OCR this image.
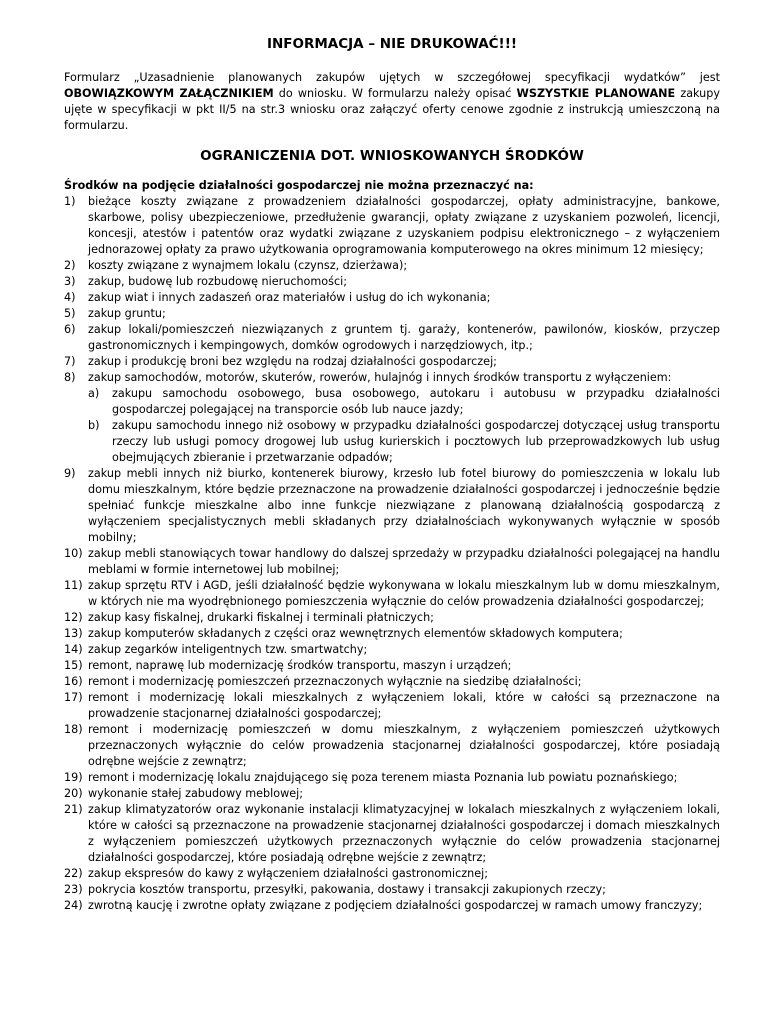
INFORMACJA – NIE DRUKOWAĆ!!!

Formularz „Uzasadnienie planowanych zakupów ujętych w szczegółowej specyfikacji wydatków” jest OBOWIĄZKOWYM ZAŁĄCZNIKIEM do wniosku. W formularzu należy opisać WSZYSTKIE PLANOWANE zakupy ujęte w specyfikacji w pkt II/5 na str.3 wniosku oraz załączyć oferty cenowe zgodnie z instrukcją umieszczoną na formularzu.

OGRANICZENIA DOT. WNIOSKOWANYCH ŚRODKÓW

Środków na podjęcie działalności gospodarczej nie można przeznaczyć na:

1) bieżące koszty związane z prowadzeniem działalności gospodarczej, opłaty administracyjne, bankowe, skarbowe, polisy ubezpieczeniowe, przedłużenie gwarancji, opłaty związane z uzyskaniem pozwoleń, licencji, koncesji, atestów i patentów oraz wydatki związane z uzyskaniem podpisu elektronicznego – z wyłączeniem jednorazowej opłaty za prawo użytkowania oprogramowania komputerowego na okres minimum 12 miesięcy;
2) koszty związane z wynajmem lokalu (czynsz, dzierżawa);
3) zakup, budowę lub rozbudowę nieruchomości;
4) zakup wiat i innych zadaszeń oraz materiałów i usług do ich wykonania;
5) zakup gruntu;
6) zakup lokali/pomieszczeń niezwiązanych z gruntem tj. garaży, kontenerów, pawilonów, kiosków, przyczep gastronomicznych i kempingowych, domków ogrodowych i narzędziowych, itp.;
7) zakup i produkcję broni bez względu na rodzaj działalności gospodarczej;
8) zakup samochodów, motorów, skuterów, rowerów, hulajnóg i innych środków transportu z wyłączeniem:
a) zakupu samochodu osobowego, busa osobowego, autokaru i autobusu w przypadku działalności gospodarczej polegającej na transporcie osób lub nauce jazdy;
b) zakupu samochodu innego niż osobowy w przypadku działalności gospodarczej dotyczącej usług transportu rzeczy lub usługi pomocy drogowej lub usług kurierskich i pocztowych lub przeprowadzkowych lub usług obejmujących zbieranie i przetwarzanie odpadów;
9) zakup mebli innych niż biurko, kontenerek biurowy, krzesło lub fotel biurowy do pomieszczenia w lokalu lub domu mieszkalnym, które będzie przeznaczone na prowadzenie działalności gospodarczej i jednocześnie będzie spełniać funkcje mieszkalne albo inne funkcje niezwiązane z planowaną działalnością gospodarczą z wyłączeniem specjalistycznych mebli składanych przy działalnościach wykonywanych wyłącznie w sposób mobilny;
10) zakup mebli stanowiących towar handlowy do dalszej sprzedaży w przypadku działalności polegającej na handlu meblami w formie internetowej lub mobilnej;
11) zakup sprzętu RTV i AGD, jeśli działalność będzie wykonywana w lokalu mieszkalnym lub w domu mieszkalnym, w których nie ma wyodrębnionego pomieszczenia wyłącznie do celów prowadzenia działalności gospodarczej;
12) zakup kasy fiskalnej, drukarki fiskalnej i terminali płatniczych;
13) zakup komputerów składanych z części oraz wewnętrznych elementów składowych komputera;
14) zakup zegarków inteligentnych tzw. smartwatchy;
15) remont, naprawę lub modernizację środków transportu, maszyn i urządzeń;
16) remont i modernizację pomieszczeń przeznaczonych wyłącznie na siedzibę działalności;
17) remont i modernizację lokali mieszkalnych z wyłączeniem lokali, które w całości są przeznaczone na prowadzenie stacjonarnej działalności gospodarczej;
18) remont i modernizację pomieszczeń w domu mieszkalnym, z wyłączeniem pomieszczeń użytkowych przeznaczonych wyłącznie do celów prowadzenia stacjonarnej działalności gospodarczej, które posiadają odrębne wejście z zewnątrz;
19) remont i modernizację lokalu znajdującego się poza terenem miasta Poznania lub powiatu poznańskiego;
20) wykonanie stałej zabudowy meblowej;
21) zakup klimatyzatorów oraz wykonanie instalacji klimatyzacyjnej w lokalach mieszkalnych z wyłączeniem lokali, które w całości są przeznaczone na prowadzenie stacjonarnej działalności gospodarczej i domach mieszkalnych z wyłączeniem pomieszczeń użytkowych przeznaczonych wyłącznie do celów prowadzenia stacjonarnej działalności gospodarczej, które posiadają odrębne wejście z zewnątrz;
22) zakup ekspresów do kawy z wyłączeniem działalności gastronomicznej;
23) pokrycia kosztów transportu, przesyłki, pakowania, dostawy i transakcji zakupionych rzeczy;
24) zwrotną kaucję i zwrotne opłaty związane z podjęciem działalności gospodarczej w ramach umowy franczyzy;
